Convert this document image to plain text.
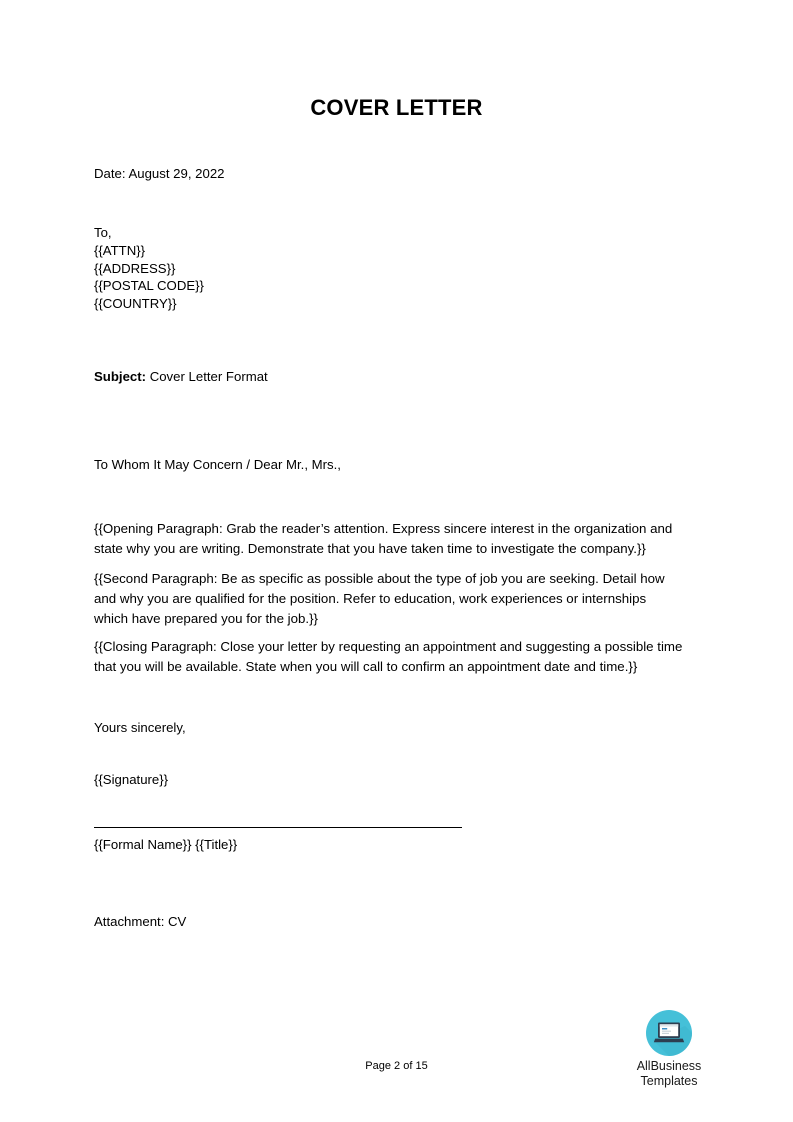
COVER LETTER
Date: August 29, 2022
To,
{{ATTN}}
{{ADDRESS}}
{{POSTAL CODE}}
{{COUNTRY}}
Subject: Cover Letter Format
To Whom It May Concern / Dear Mr., Mrs.,
{{Opening Paragraph: Grab the reader’s attention. Express sincere interest in the organization and state why you are writing. Demonstrate that you have taken time to investigate the company.}}
{{Second Paragraph: Be as specific as possible about the type of job you are seeking. Detail how and why you are qualified for the position. Refer to education, work experiences or internships which have prepared you for the job.}}
{{Closing Paragraph: Close your letter by requesting an appointment and suggesting a possible time that you will be available. State when you will call to confirm an appointment date and time.}}
Yours sincerely,
{{Signature}}
{{Formal Name}} {{Title}}
Attachment: CV
Page 2 of 15	AllBusiness
Templates
